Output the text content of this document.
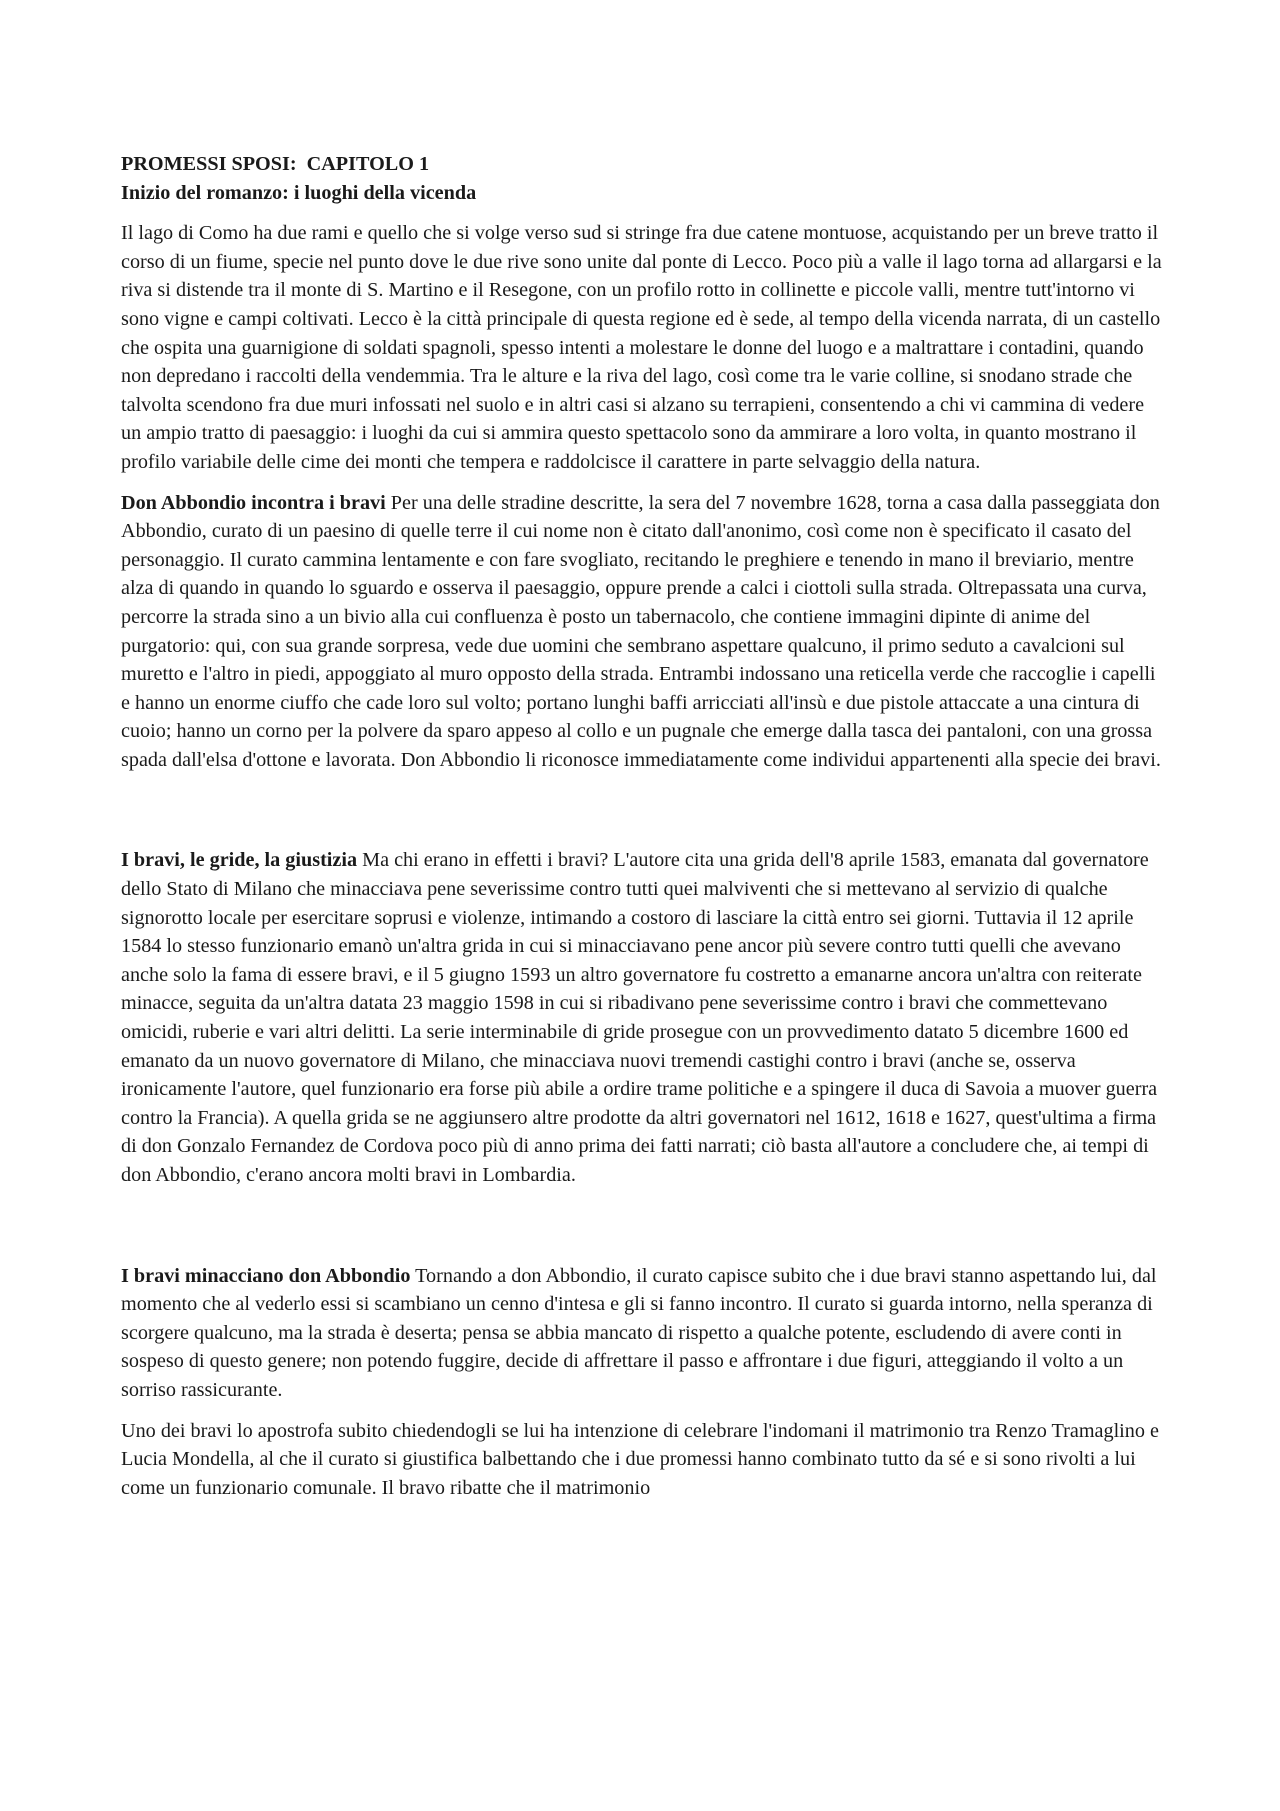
PROMESSI SPOSI:  CAPITOLO 1
Inizio del romanzo: i luoghi della vicenda

Il lago di Como ha due rami e quello che si volge verso sud si stringe fra due catene montuose, acquistando per un breve tratto il corso di un fiume, specie nel punto dove le due rive sono unite dal ponte di Lecco. Poco più a valle il lago torna ad allargarsi e la riva si distende tra il monte di S. Martino e il Resegone, con un profilo rotto in collinette e piccole valli, mentre tutt'intorno vi sono vigne e campi coltivati. Lecco è la città principale di questa regione ed è sede, al tempo della vicenda narrata, di un castello che ospita una guarnigione di soldati spagnoli, spesso intenti a molestare le donne del luogo e a maltrattare i contadini, quando non depredano i raccolti della vendemmia. Tra le alture e la riva del lago, così come tra le varie colline, si snodano strade che talvolta scendono fra due muri infossati nel suolo e in altri casi si alzano su terrapieni, consentendo a chi vi cammina di vedere un ampio tratto di paesaggio: i luoghi da cui si ammira questo spettacolo sono da ammirare a loro volta, in quanto mostrano il profilo variabile delle cime dei monti che tempera e raddolcisce il carattere in parte selvaggio della natura.

Don Abbondio incontra i bravi Per una delle stradine descritte, la sera del 7 novembre 1628, torna a casa dalla passeggiata don Abbondio, curato di un paesino di quelle terre il cui nome non è citato dall'anonimo, così come non è specificato il casato del personaggio. Il curato cammina lentamente e con fare svogliato, recitando le preghiere e tenendo in mano il breviario, mentre alza di quando in quando lo sguardo e osserva il paesaggio, oppure prende a calci i ciottoli sulla strada. Oltrepassata una curva, percorre la strada sino a un bivio alla cui confluenza è posto un tabernacolo, che contiene immagini dipinte di anime del purgatorio: qui, con sua grande sorpresa, vede due uomini che sembrano aspettare qualcuno, il primo seduto a cavalcioni sul muretto e l'altro in piedi, appoggiato al muro opposto della strada. Entrambi indossano una reticella verde che raccoglie i capelli e hanno un enorme ciuffo che cade loro sul volto; portano lunghi baffi arricciati all'insù e due pistole attaccate a una cintura di cuoio; hanno un corno per la polvere da sparo appeso al collo e un pugnale che emerge dalla tasca dei pantaloni, con una grossa spada dall'elsa d'ottone e lavorata. Don Abbondio li riconosce immediatamente come individui appartenenti alla specie dei bravi.

I bravi, le gride, la giustizia Ma chi erano in effetti i bravi? L'autore cita una grida dell'8 aprile 1583, emanata dal governatore dello Stato di Milano che minacciava pene severissime contro tutti quei malviventi che si mettevano al servizio di qualche signorotto locale per esercitare soprusi e violenze, intimando a costoro di lasciare la città entro sei giorni. Tuttavia il 12 aprile 1584 lo stesso funzionario emanò un'altra grida in cui si minacciavano pene ancor più severe contro tutti quelli che avevano anche solo la fama di essere bravi, e il 5 giugno 1593 un altro governatore fu costretto a emanarne ancora un'altra con reiterate minacce, seguita da un'altra datata 23 maggio 1598 in cui si ribadivano pene severissime contro i bravi che commettevano omicidi, ruberie e vari altri delitti. La serie interminabile di gride prosegue con un provvedimento datato 5 dicembre 1600 ed emanato da un nuovo governatore di Milano, che minacciava nuovi tremendi castighi contro i bravi (anche se, osserva ironicamente l'autore, quel funzionario era forse più abile a ordire trame politiche e a spingere il duca di Savoia a muover guerra contro la Francia). A quella grida se ne aggiunsero altre prodotte da altri governatori nel 1612, 1618 e 1627, quest'ultima a firma di don Gonzalo Fernandez de Cordova poco più di anno prima dei fatti narrati; ciò basta all'autore a concludere che, ai tempi di don Abbondio, c'erano ancora molti bravi in Lombardia.

I bravi minacciano don Abbondio Tornando a don Abbondio, il curato capisce subito che i due bravi stanno aspettando lui, dal momento che al vederlo essi si scambiano un cenno d'intesa e gli si fanno incontro. Il curato si guarda intorno, nella speranza di scorgere qualcuno, ma la strada è deserta; pensa se abbia mancato di rispetto a qualche potente, escludendo di avere conti in sospeso di questo genere; non potendo fuggire, decide di affrettare il passo e affrontare i due figuri, atteggiando il volto a un sorriso rassicurante.

Uno dei bravi lo apostrofa subito chiedendogli se lui ha intenzione di celebrare l'indomani il matrimonio tra Renzo Tramaglino e Lucia Mondella, al che il curato si giustifica balbettando che i due promessi hanno combinato tutto da sé e si sono rivolti a lui come un funzionario comunale. Il bravo ribatte che il matrimonio
